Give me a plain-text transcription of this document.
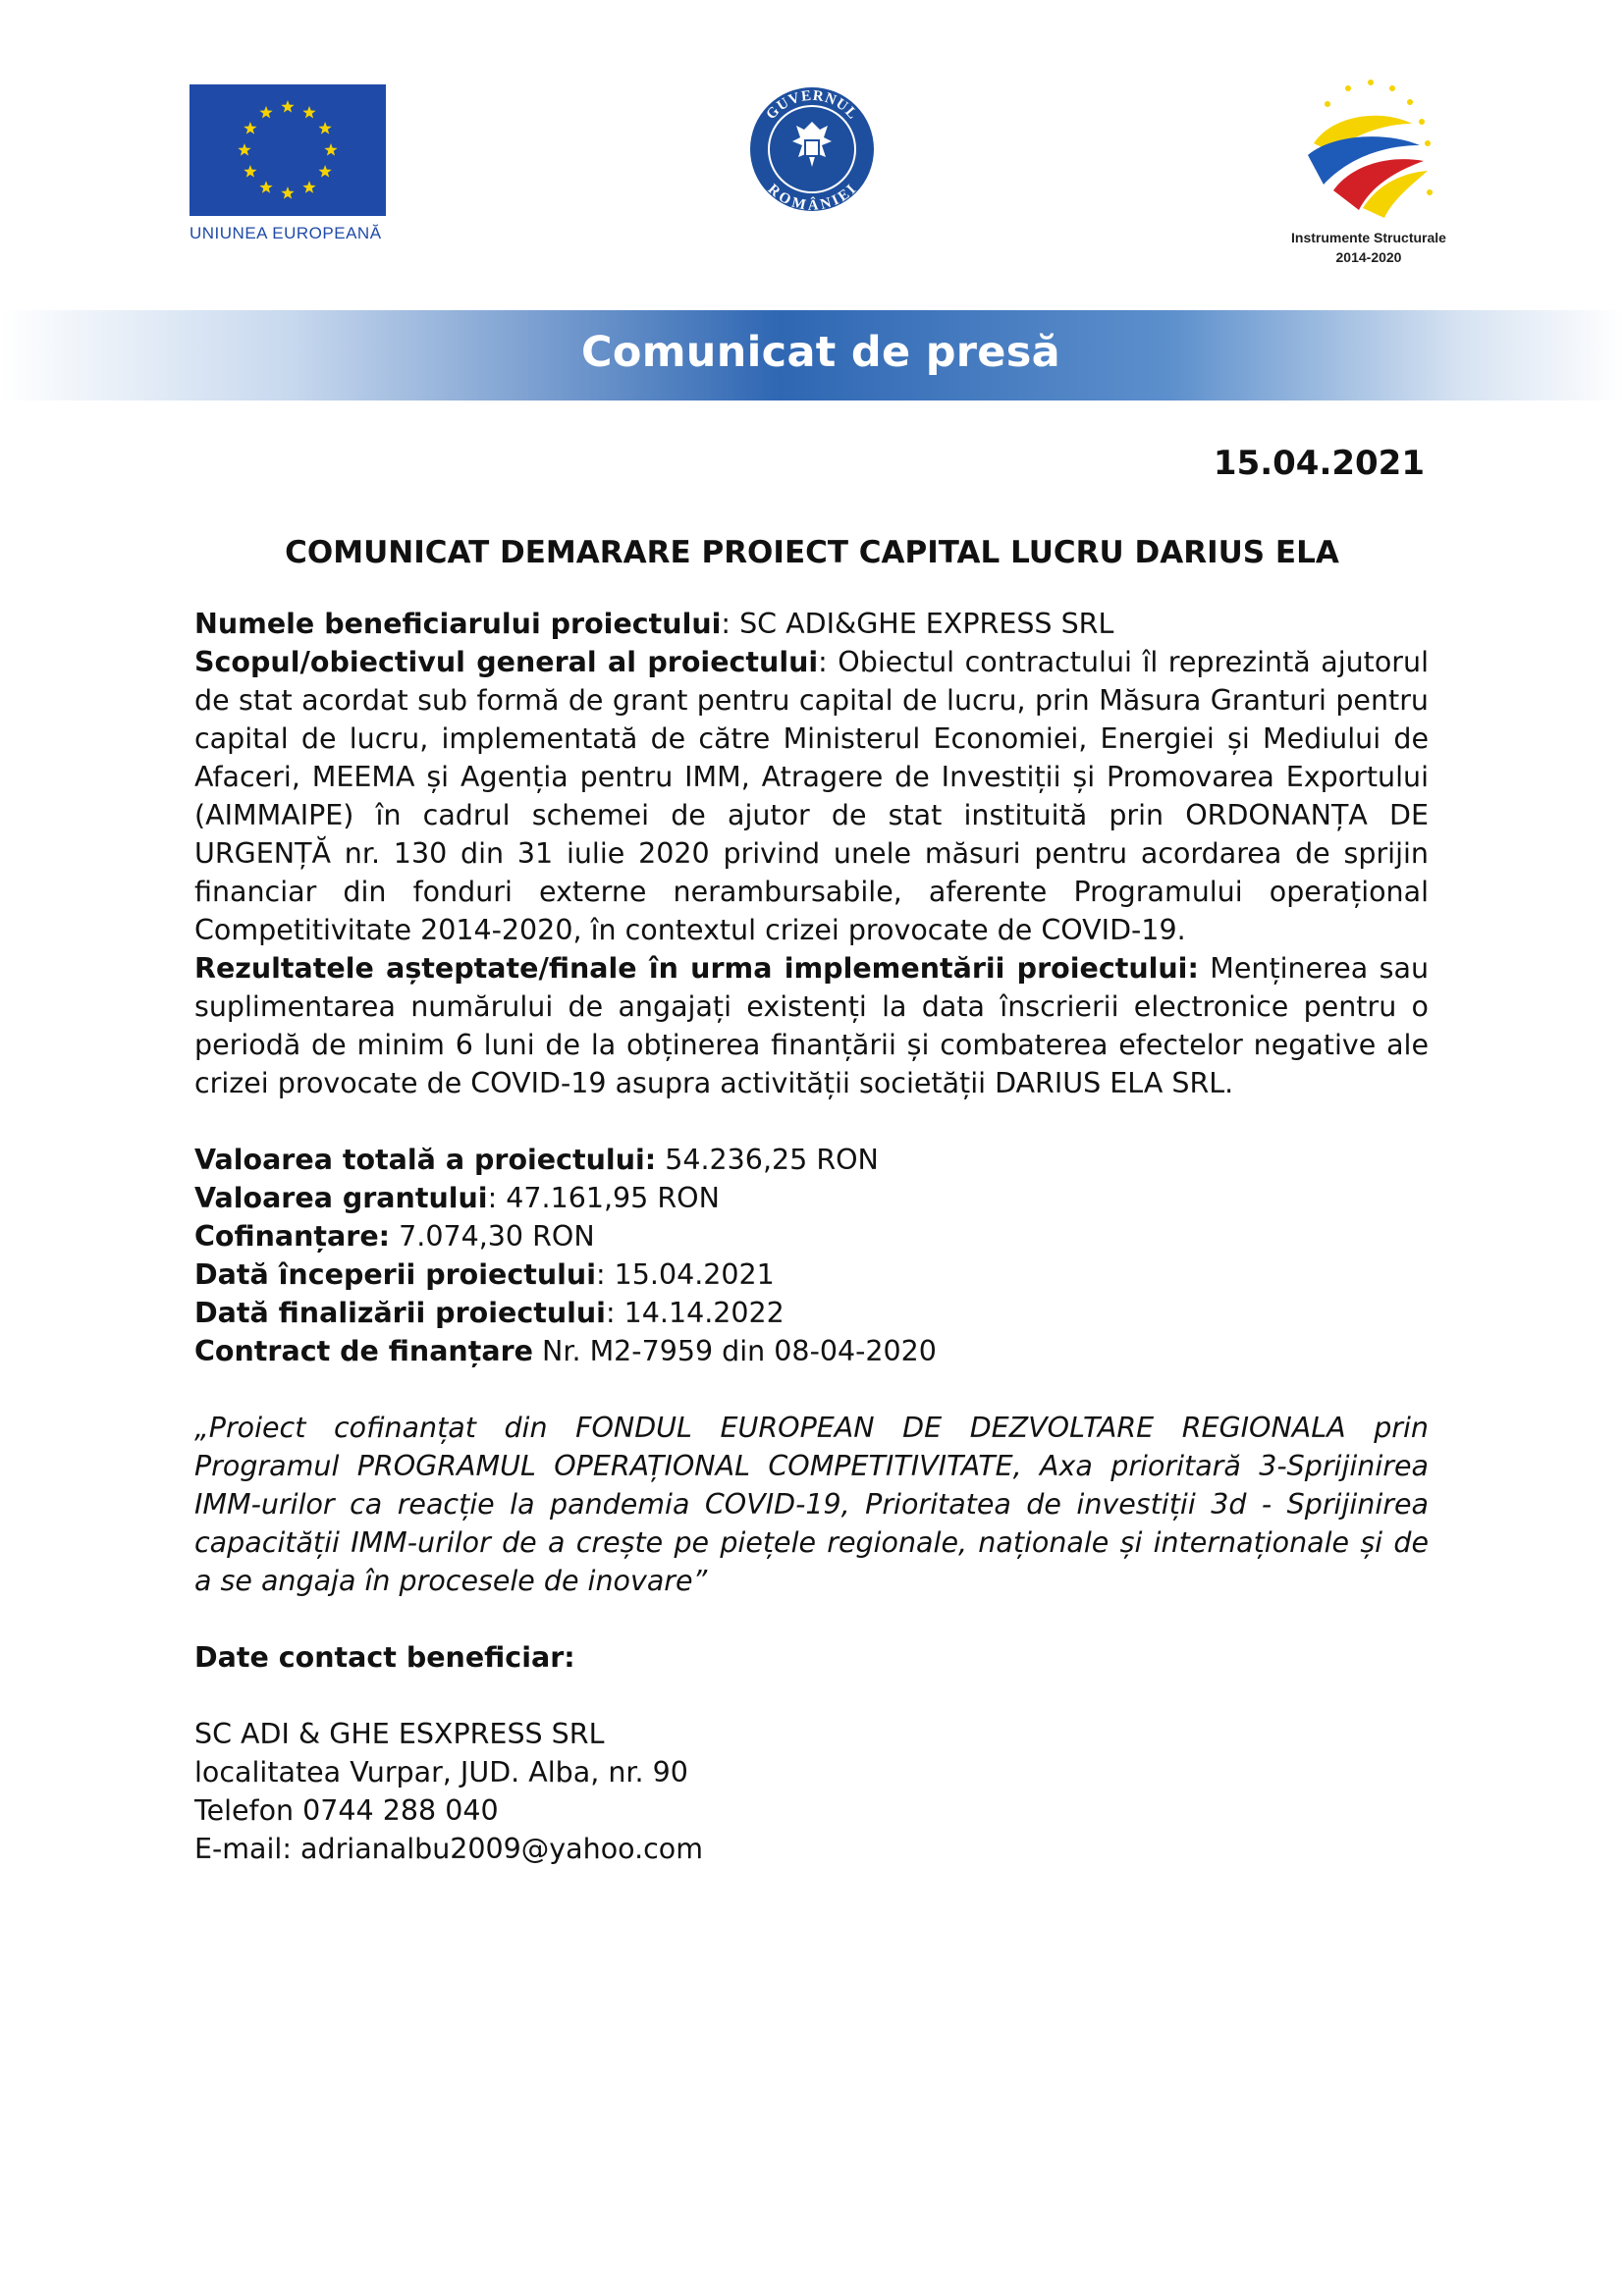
UNIUNEA EUROPEANĂ
GUVERNUL
ROMÂNIEI
Instrumente Structurale
2014-2020
Comunicat de presă
15.04.2021
COMUNICAT DEMARARE PROIECT CAPITAL LUCRU DARIUS ELA

Numele beneficiarului proiectului: SC ADI&GHE EXPRESS SRL

Scopul/obiectivul general al proiectului: Obiectul contractului îl reprezintă ajutorul de stat acordat sub formă de grant pentru capital de lucru, prin Măsura Granturi pentru capital de lucru, implementată de către Ministerul Economiei, Energiei și Mediului de Afaceri, MEEMA și Agenția pentru IMM, Atragere de Investiții și Promovarea Exportului (AIMMAIPE) în cadrul schemei de ajutor de stat instituită prin ORDONANȚA DE URGENȚĂ nr. 130 din 31 iulie 2020 privind unele măsuri pentru acordarea de sprijin financiar din fonduri externe nerambursabile, aferente Programului operațional Competitivitate 2014-2020, în contextul crizei provocate de COVID-19.

Rezultatele așteptate/finale în urma implementării proiectului: Menținerea sau suplimentarea numărului de angajați existenți la data înscrierii electronice pentru o periodă de minim 6 luni de la obținerea finanțării și combaterea efectelor negative ale crizei provocate de COVID-19 asupra activității societății DARIUS ELA SRL.

Valoarea totală a proiectului: 54.236,25 RON

Valoarea grantului: 47.161,95 RON

Cofinanțare: 7.074,30 RON

Dată începerii proiectului: 15.04.2021

Dată finalizării proiectului: 14.14.2022

Contract de finanțare Nr. M2-7959 din 08-04-2020

„Proiect cofinanțat din FONDUL EUROPEAN DE DEZVOLTARE REGIONALA prin Programul PROGRAMUL OPERAȚIONAL COMPETITIVITATE, Axa prioritară 3-Sprijinirea IMM-urilor ca reacție la pandemia COVID-19, Prioritatea de investiții 3d - Sprijinirea capacității IMM-urilor de a crește pe piețele regionale, naționale și internaționale și de a se angaja în procesele de inovare”

Date contact beneficiar:

SC ADI & GHE ESXPRESS SRL

localitatea Vurpar, JUD. Alba, nr. 90

Telefon 0744 288 040

E-mail: adrianalbu2009@yahoo.com
